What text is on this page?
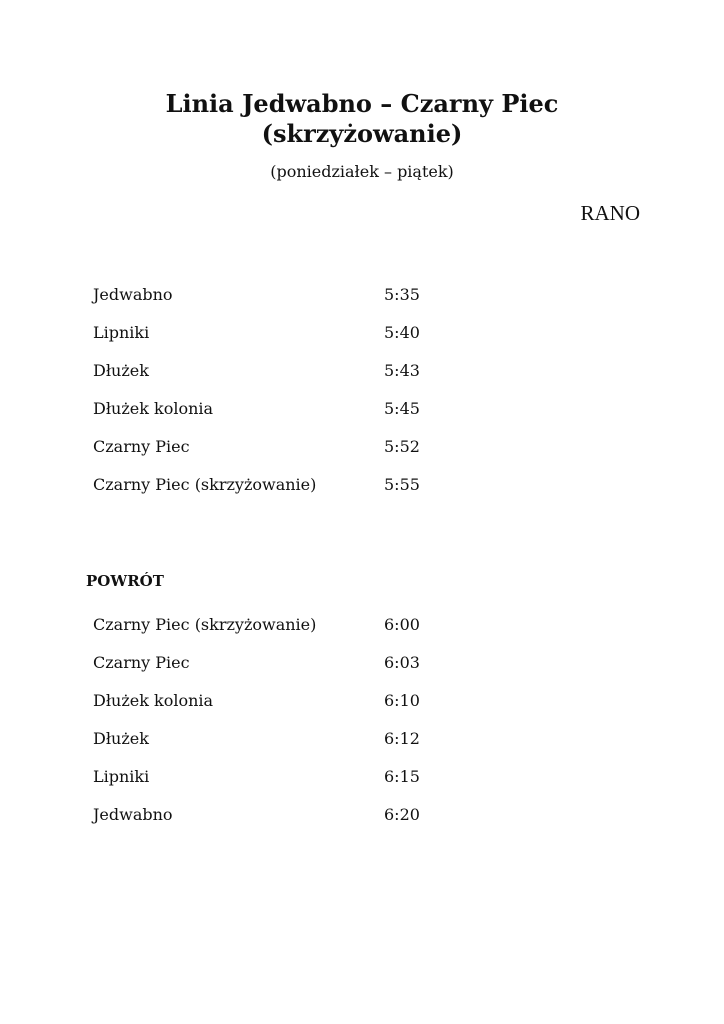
Linia Jedwabno – Czarny Piec
(skrzyżowanie)
(poniedziałek – piątek)
RANO
Jedwabno	5:35
Lipniki	5:40
Dłużek	5:43
Dłużek kolonia	5:45
Czarny Piec	5:52
Czarny Piec (skrzyżowanie)	5:55
POWRÓT
Czarny Piec (skrzyżowanie)	6:00
Czarny Piec	6:03
Dłużek kolonia	6:10
Dłużek	6:12
Lipniki	6:15
Jedwabno	6:20
